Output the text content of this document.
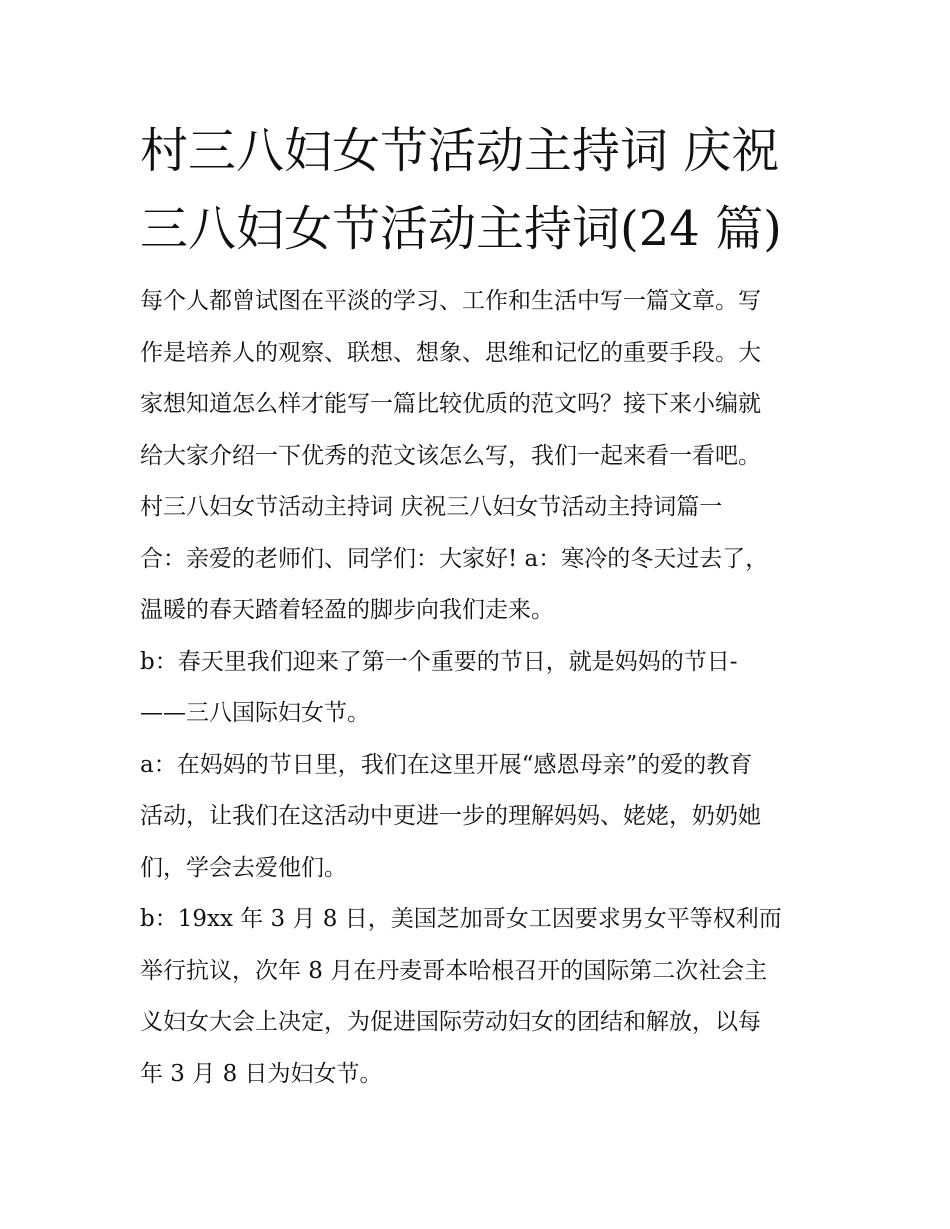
村三八妇女节活动主持词 庆祝
三八妇女节活动主持词(24 篇)
每个人都曾试图在平淡的学习、工作和生活中写一篇文章。写
作是培养人的观察、联想、想象、思维和记忆的重要手段。大
家想知道怎么样才能写一篇比较优质的范文吗？接下来小编就
给大家介绍一下优秀的范文该怎么写，我们一起来看一看吧。
村三八妇女节活动主持词 庆祝三八妇女节活动主持词篇一
合：亲爱的老师们、同学们：大家好! a：寒冷的冬天过去了，
温暖的春天踏着轻盈的脚步向我们走来。
b：春天里我们迎来了第一个重要的节日，就是妈妈的节日-
——三八国际妇女节。
a：在妈妈的节日里，我们在这里开展“感恩母亲”的爱的教育
活动，让我们在这活动中更进一步的理解妈妈、姥姥，奶奶她
们，学会去爱他们。
b：19xx 年 3 月 8 日，美国芝加哥女工因要求男女平等权利而
举行抗议，次年 8 月在丹麦哥本哈根召开的国际第二次社会主
义妇女大会上决定，为促进国际劳动妇女的团结和解放，以每
年 3 月 8 日为妇女节。
